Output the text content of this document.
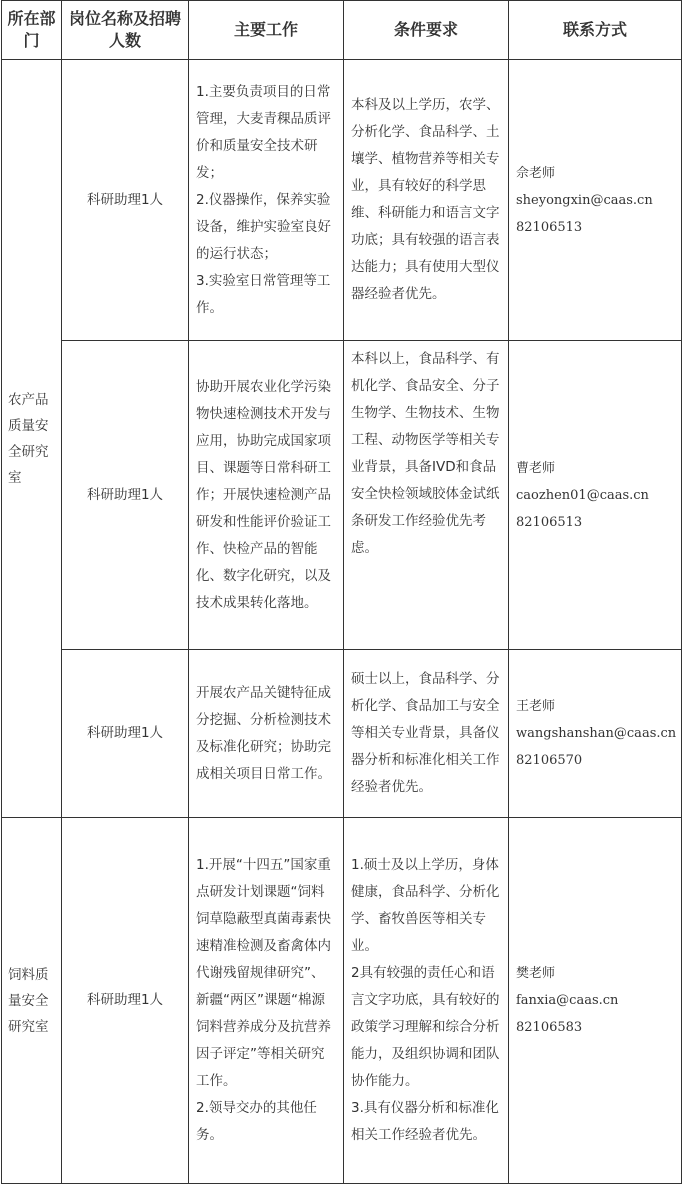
所在部门	岗位名称及招聘人数	主要工作	条件要求	联系方式
农产品质量安全研究室	科研助理1人	1.主要负责项目的日常管理，大麦青稞品质评价和质量安全技术研发；
2.仪器操作，保养实验设备，维护实验室良好的运行状态；
3.实验室日常管理等工作。	本科及以上学历，农学、分析化学、食品科学、土壤学、植物营养等相关专业，具有较好的科学思维、科研能力和语言文字功底；具有较强的语言表达能力；具有使用大型仪器经验者优先。	佘老师
sheyongxin@caas.cn
82106513

	科研助理1人	协助开展农业化学污染物快速检测技术开发与应用，协助完成国家项目、课题等日常科研工作；开展快速检测产品研发和性能评价验证工作、快检产品的智能化、数字化研究，以及技术成果转化落地。	本科以上，食品科学、有机化学、食品安全、分子生物学、生物技术、生物工程、动物医学等相关专业背景，具备IVD和食品安全快检领域胶体金试纸条研发工作经验优先考虑。	曹老师
caozhen01@caas.cn
82106513

	科研助理1人	开展农产品关键特征成分挖掘、分析检测技术及标准化研究；协助完成相关项目日常工作。	硕士以上，食品科学、分析化学、食品加工与安全等相关专业背景，具备仪器分析和标准化相关工作经验者优先。	王老师
wangshanshan@caas.cn
82106570

饲料质量安全研究室	科研助理1人	1.开展“十四五”国家重点研发计划课题“饲料饲草隐蔽型真菌毒素快速精准检测及畜禽体内代谢残留规律研究”、新疆“两区”课题“棉源饲料营养成分及抗营养因子评定”等相关研究工作。
2.领导交办的其他任务。	1.硕士及以上学历，身体健康，食品科学、分析化学、畜牧兽医等相关专业。
2具有较强的责任心和语言文字功底，具有较好的政策学习理解和综合分析能力，及组织协调和团队协作能力。
3.具有仪器分析和标准化相关工作经验者优先。	樊老师
fanxia@caas.cn
82106583
